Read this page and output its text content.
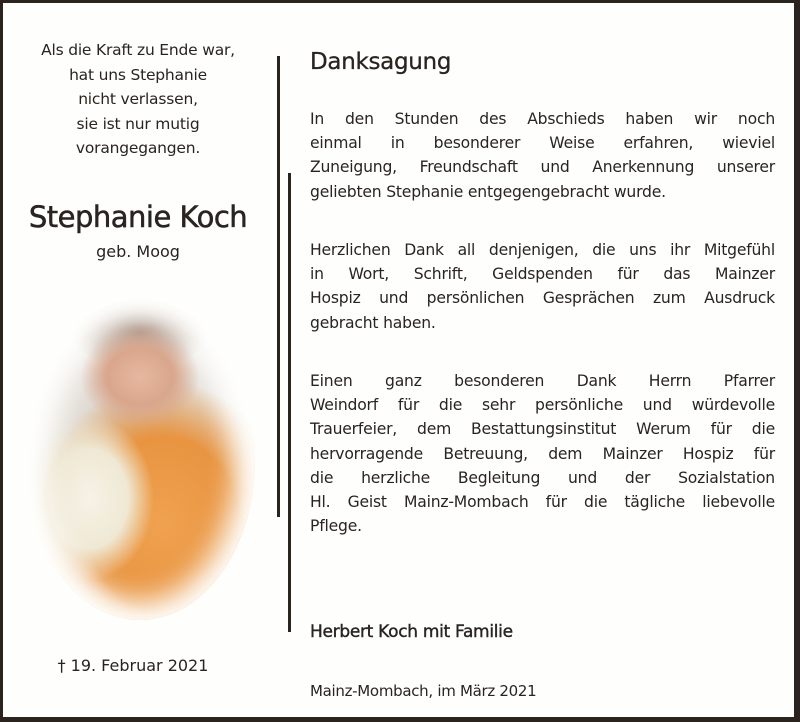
Als die Kraft zu Ende war,
hat uns Stephanie
nicht verlassen,
sie ist nur mutig
vorangegangen.
Stephanie Koch
geb. Moog
† 19. Februar 2021
Danksagung
In den Stunden des Abschieds haben wir noch
einmal in besonderer Weise erfahren, wieviel
Zuneigung, Freundschaft und Anerkennung unserer
geliebten Stephanie entgegengebracht wurde.
Herzlichen Dank all denjenigen, die uns ihr Mitgefühl
in Wort, Schrift, Geldspenden für das Mainzer
Hospiz und persönlichen Gesprächen zum Ausdruck
gebracht haben.
Einen ganz besonderen Dank Herrn Pfarrer
Weindorf für die sehr persönliche und würdevolle
Trauerfeier, dem Bestattungsinstitut Werum für die
hervorragende Betreuung, dem Mainzer Hospiz für
die herzliche Begleitung und der Sozialstation
Hl. Geist Mainz-Mombach für die tägliche liebevolle
Pflege.
Herbert Koch mit Familie
Mainz-Mombach, im März 2021
